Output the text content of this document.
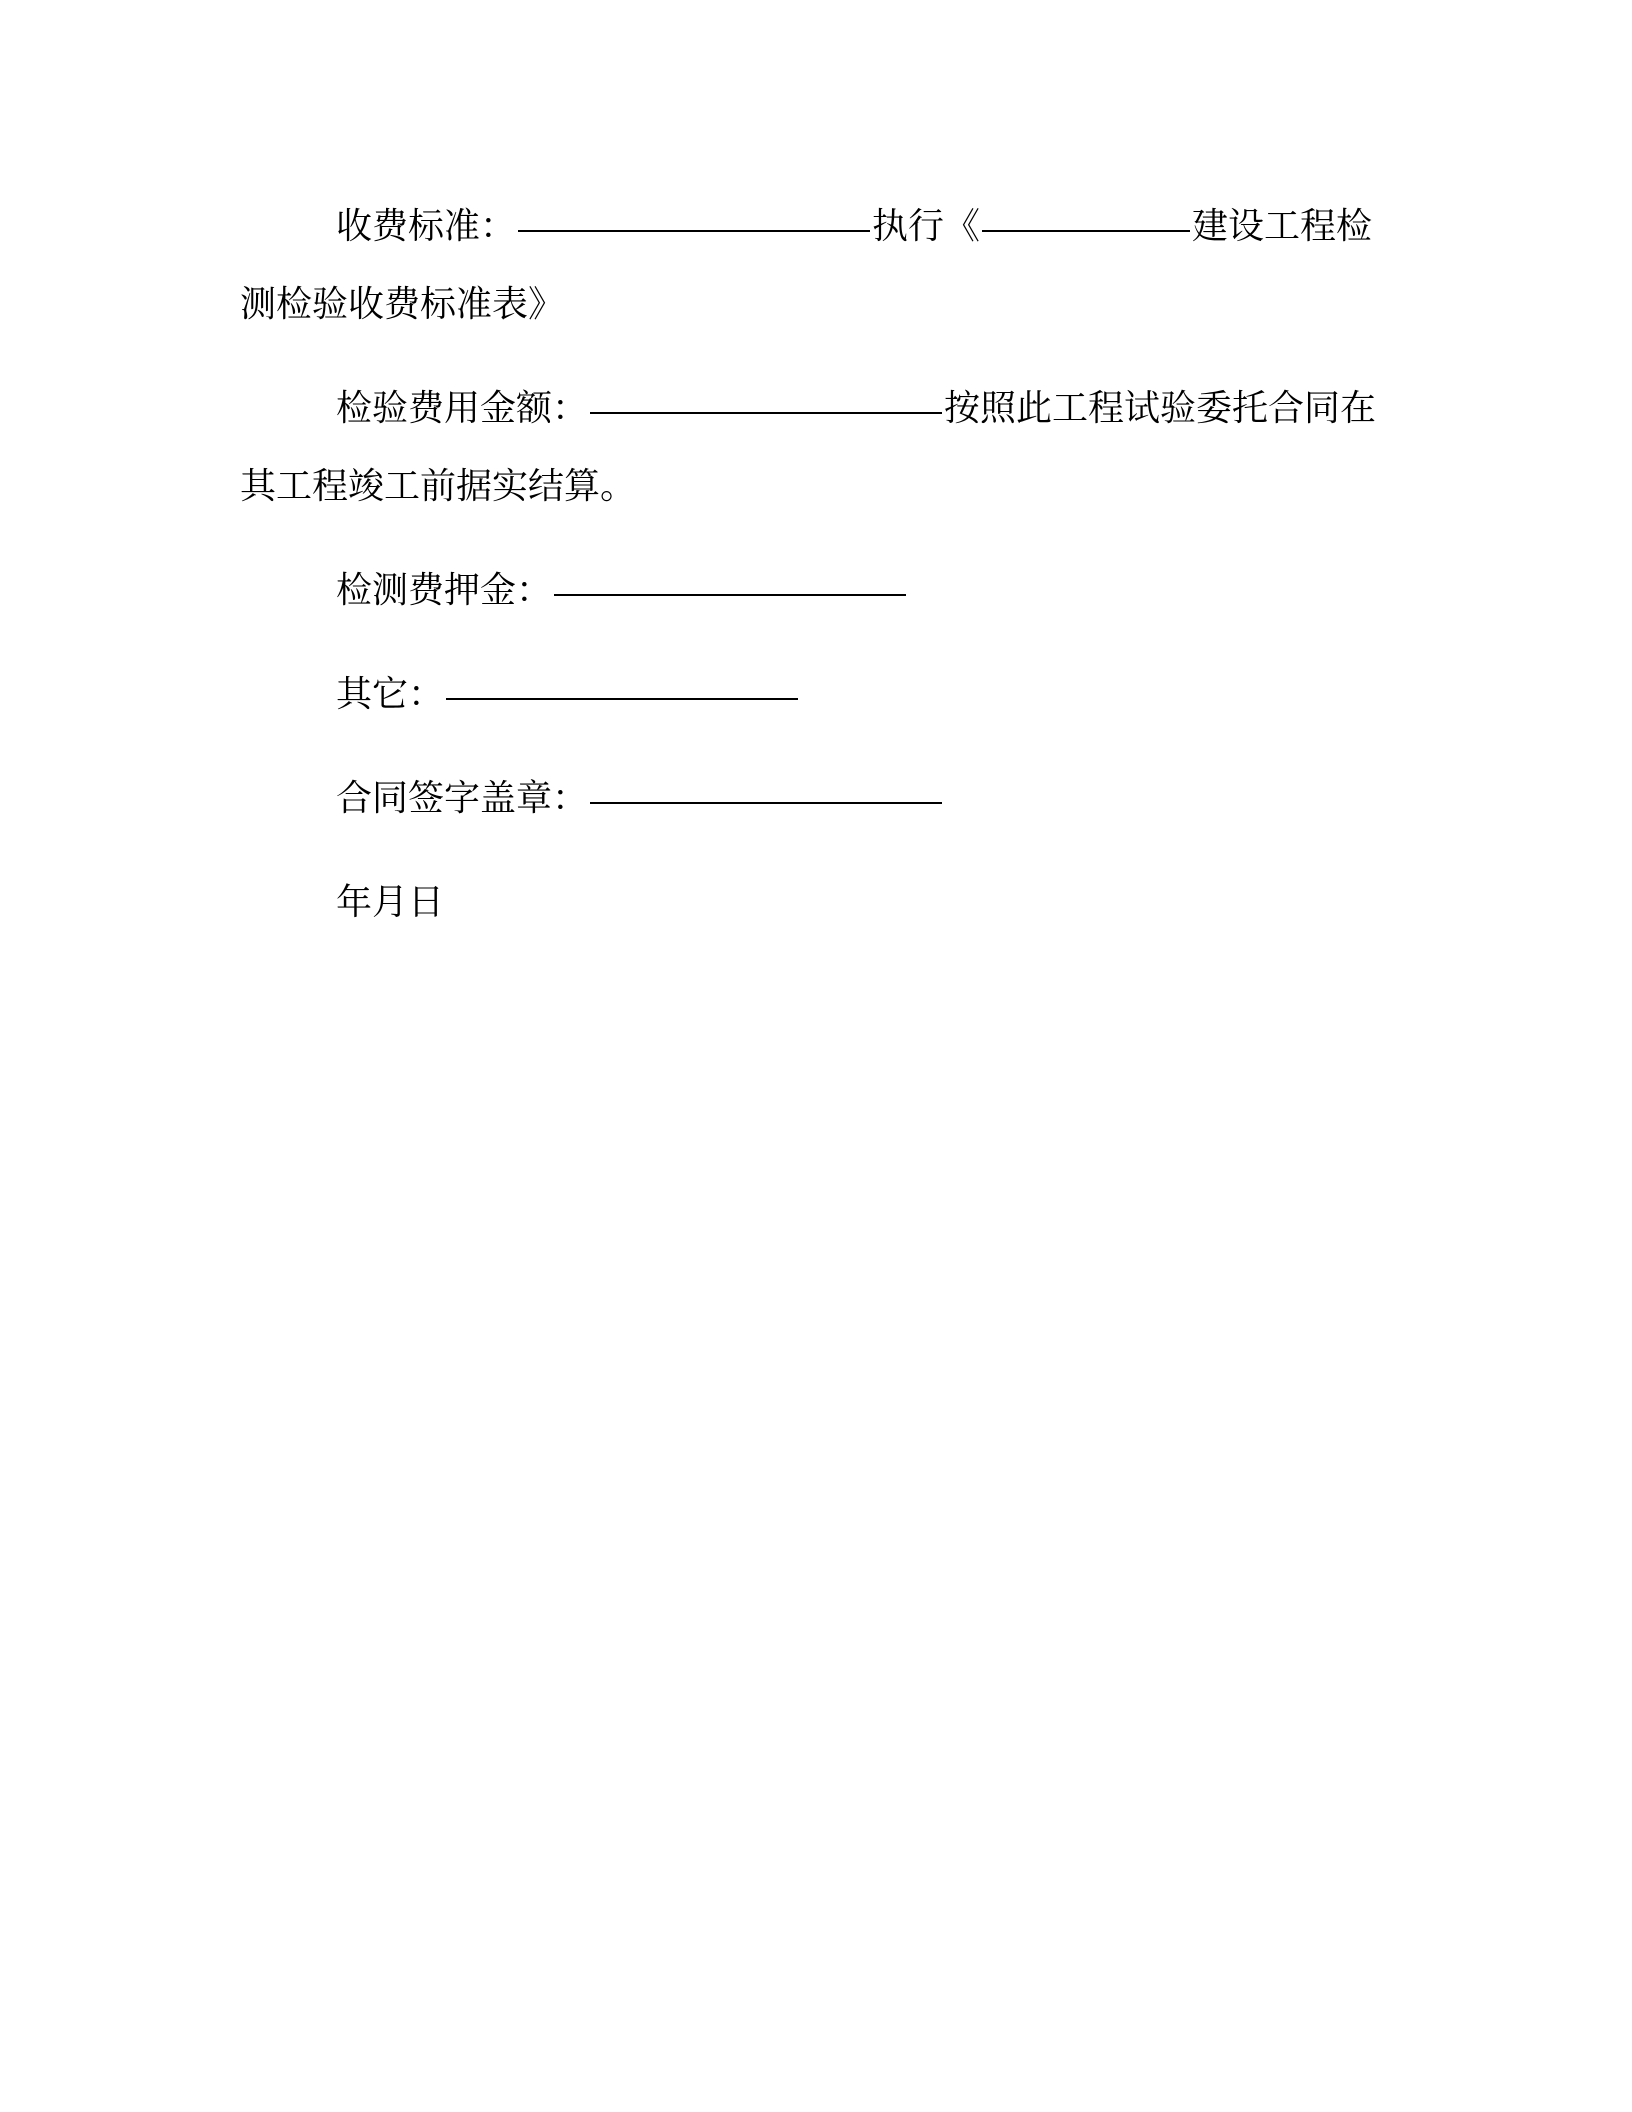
收费标准：	执行《	建设工程检测检验收费标准表》

检验费用金额：	按照此工程试验委托合同在其工程竣工前据实结算。

检测费押金：

其它：

合同签字盖章：

年月日
